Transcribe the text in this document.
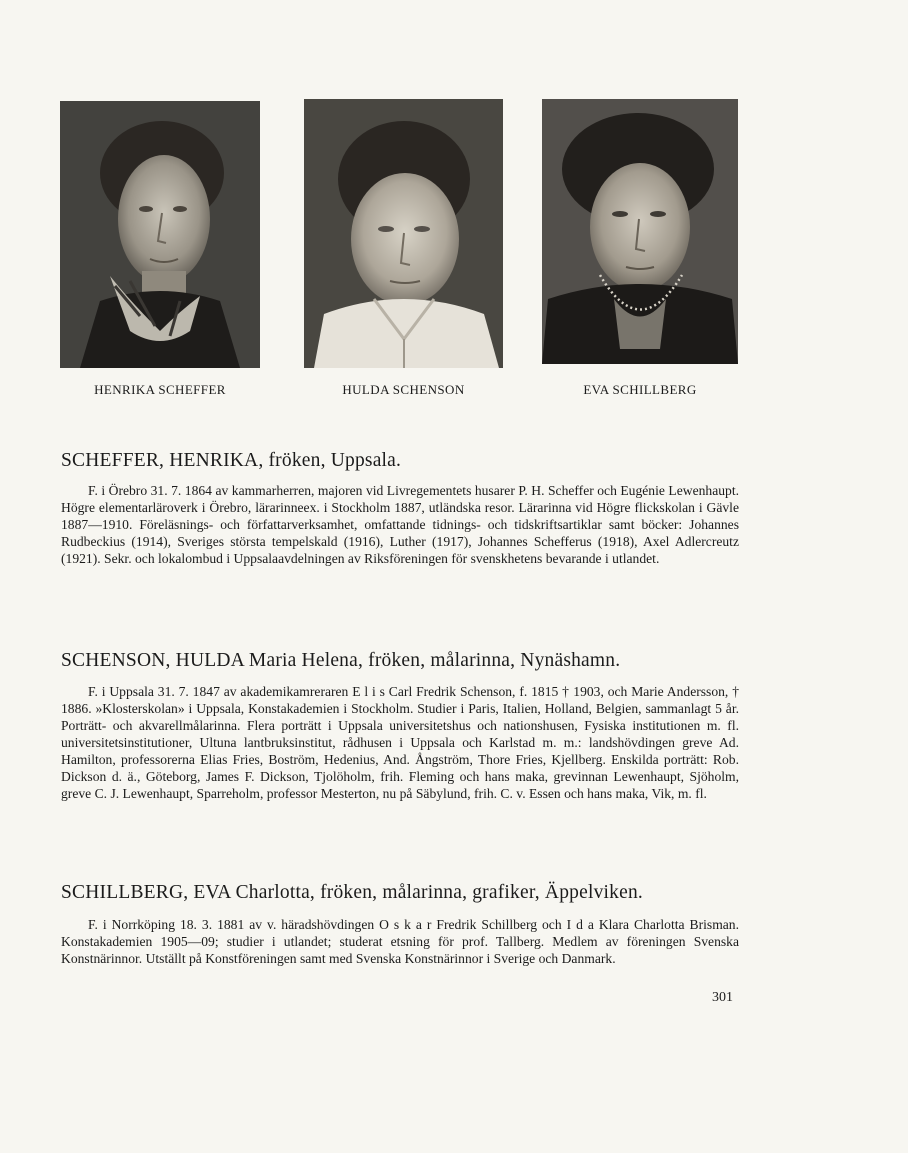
HENRIKA SCHEFFER	HULDA SCHENSON	EVA SCHILLBERG
SCHEFFER, HENRIKA, fröken, Uppsala.

F. i Örebro 31. 7. 1864 av kammarherren, majoren vid Livregementets husarer P. H. Scheffer och Eugénie Lewenhaupt. Högre elementarläroverk i Örebro, lärarinneex. i Stockholm 1887, utländska resor. Lärarinna vid Högre flickskolan i Gävle 1887—1910. Föreläsnings- och författarverksamhet, omfattande tidnings- och tidskriftsartiklar samt böcker: Johannes Rudbeckius (1914), Sveriges största tempelskald (1916), Luther (1917), Johannes Schefferus (1918), Axel Adlercreutz (1921). Sekr. och lokalombud i Uppsalaavdelningen av Riksföreningen för svenskhetens bevarande i utlandet.

SCHENSON, HULDA Maria Helena, fröken, målarinna, Nynäshamn.

F. i Uppsala 31. 7. 1847 av akademikamreraren E l i s Carl Fredrik Schenson, f. 1815 † 1903, och Marie Andersson, † 1886. »Klosterskolan» i Uppsala, Konstakademien i Stockholm. Studier i Paris, Italien, Holland, Belgien, sammanlagt 5 år. Porträtt- och akvarellmålarinna. Flera porträtt i Uppsala universitetshus och nationshusen, Fysiska institutionen m. fl. universitetsinstitutioner, Ultuna lantbruksinstitut, rådhusen i Uppsala och Karlstad m. m.: landshövdingen greve Ad. Hamilton, professorerna Elias Fries, Boström, Hedenius, And. Ångström, Thore Fries, Kjellberg. Enskilda porträtt: Rob. Dickson d. ä., Göteborg, James F. Dickson, Tjolöholm, frih. Fleming och hans maka, grevinnan Lewenhaupt, Sjöholm, greve C. J. Lewenhaupt, Sparreholm, professor Mesterton, nu på Säbylund, frih. C. v. Essen och hans maka, Vik, m. fl.

SCHILLBERG, EVA Charlotta, fröken, målarinna, grafiker, Äppelviken.

F. i Norrköping 18. 3. 1881 av v. häradshövdingen O s k a r Fredrik Schillberg och I d a Klara Charlotta Brisman. Konstakademien 1905—09; studier i utlandet; studerat etsning för prof. Tallberg. Medlem av föreningen Svenska Konstnärinnor. Utställt på Konstföreningen samt med Svenska Konstnärinnor i Sverige och Danmark.

301
